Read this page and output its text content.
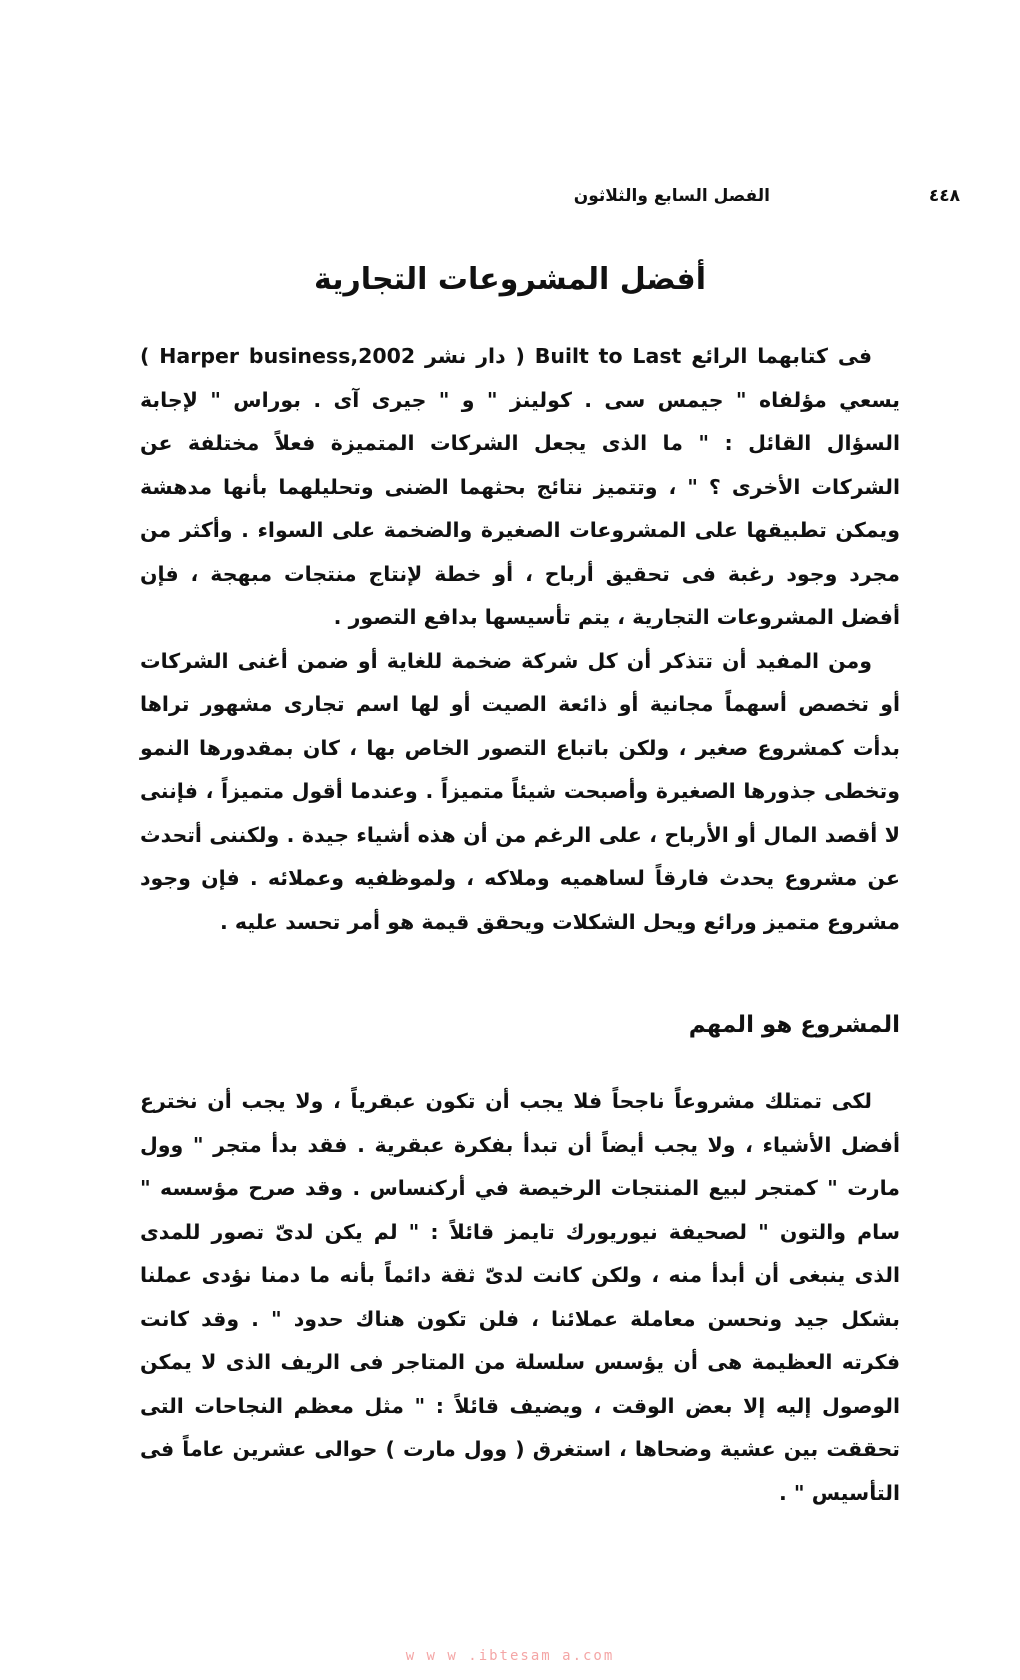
٤٤٨
الفصل السابع والثلاثون
أفضل المشروعات التجارية

فى كتابهما الرائع Built to Last ( دار نشر Harper business,2002 ) يسعي مؤلفاه " جيمس سى . كولينز " و " جيرى آى . بوراس " لإجابة السؤال القائل : " ما الذى يجعل الشركات المتميزة فعلاً مختلفة عن الشركات الأخرى ؟ " ، وتتميز نتائج بحثهما الضنى وتحليلهما بأنها مدهشة ويمكن تطبيقها على المشروعات الصغيرة والضخمة على السواء . وأكثر من مجرد وجود رغبة فى تحقيق أرباح ، أو خطة لإنتاج منتجات مبهجة ، فإن أفضل المشروعات التجارية ، يتم تأسيسها بدافع التصور .

ومن المفيد أن تتذكر أن كل شركة ضخمة للغاية أو ضمن أغنى الشركات أو تخصص أسهماً مجانية أو ذائعة الصيت أو لها اسم تجارى مشهور تراها بدأت كمشروع صغير ، ولكن باتباع التصور الخاص بها ، كان بمقدورها النمو وتخطى جذورها الصغيرة وأصبحت شيئاً متميزاً . وعندما أقول متميزاً ، فإننى لا أقصد المال أو الأرباح ، على الرغم من أن هذه أشياء جيدة . ولكننى أتحدث عن مشروع يحدث فارقاً لساهميه وملاكه ، ولموظفيه وعملائه . فإن وجود مشروع متميز ورائع ويحل الشكلات ويحقق قيمة هو أمر تحسد عليه .

المشروع هو المهم

لكى تمتلك مشروعاً ناجحاً فلا يجب أن تكون عبقرياً ، ولا يجب أن نخترع أفضل الأشياء ، ولا يجب أيضاً أن تبدأ بفكرة عبقرية . فقد بدأ متجر " وول مارت " كمتجر لبيع المنتجات الرخيصة في أركنساس . وقد صرح مؤسسه " سام والتون " لصحيفة نيوريورك تايمز قائلاً : " لم يكن لدىّ تصور للمدى الذى ينبغى أن أبدأ منه ، ولكن كانت لدىّ ثقة دائماً بأنه ما دمنا نؤدى عملنا بشكل جيد ونحسن معاملة عملائنا ، فلن تكون هناك حدود " . وقد كانت فكرته العظيمة هى أن يؤسس سلسلة من المتاجر فى الريف الذى لا يمكن الوصول إليه إلا بعض الوقت ، ويضيف قائلاً : " مثل معظم النجاحات التى تحققت بين عشية وضحاها ، استغرق ( وول مارت ) حوالى عشرين عاماً فى التأسيس " .

w w w .ibtesam a.com
